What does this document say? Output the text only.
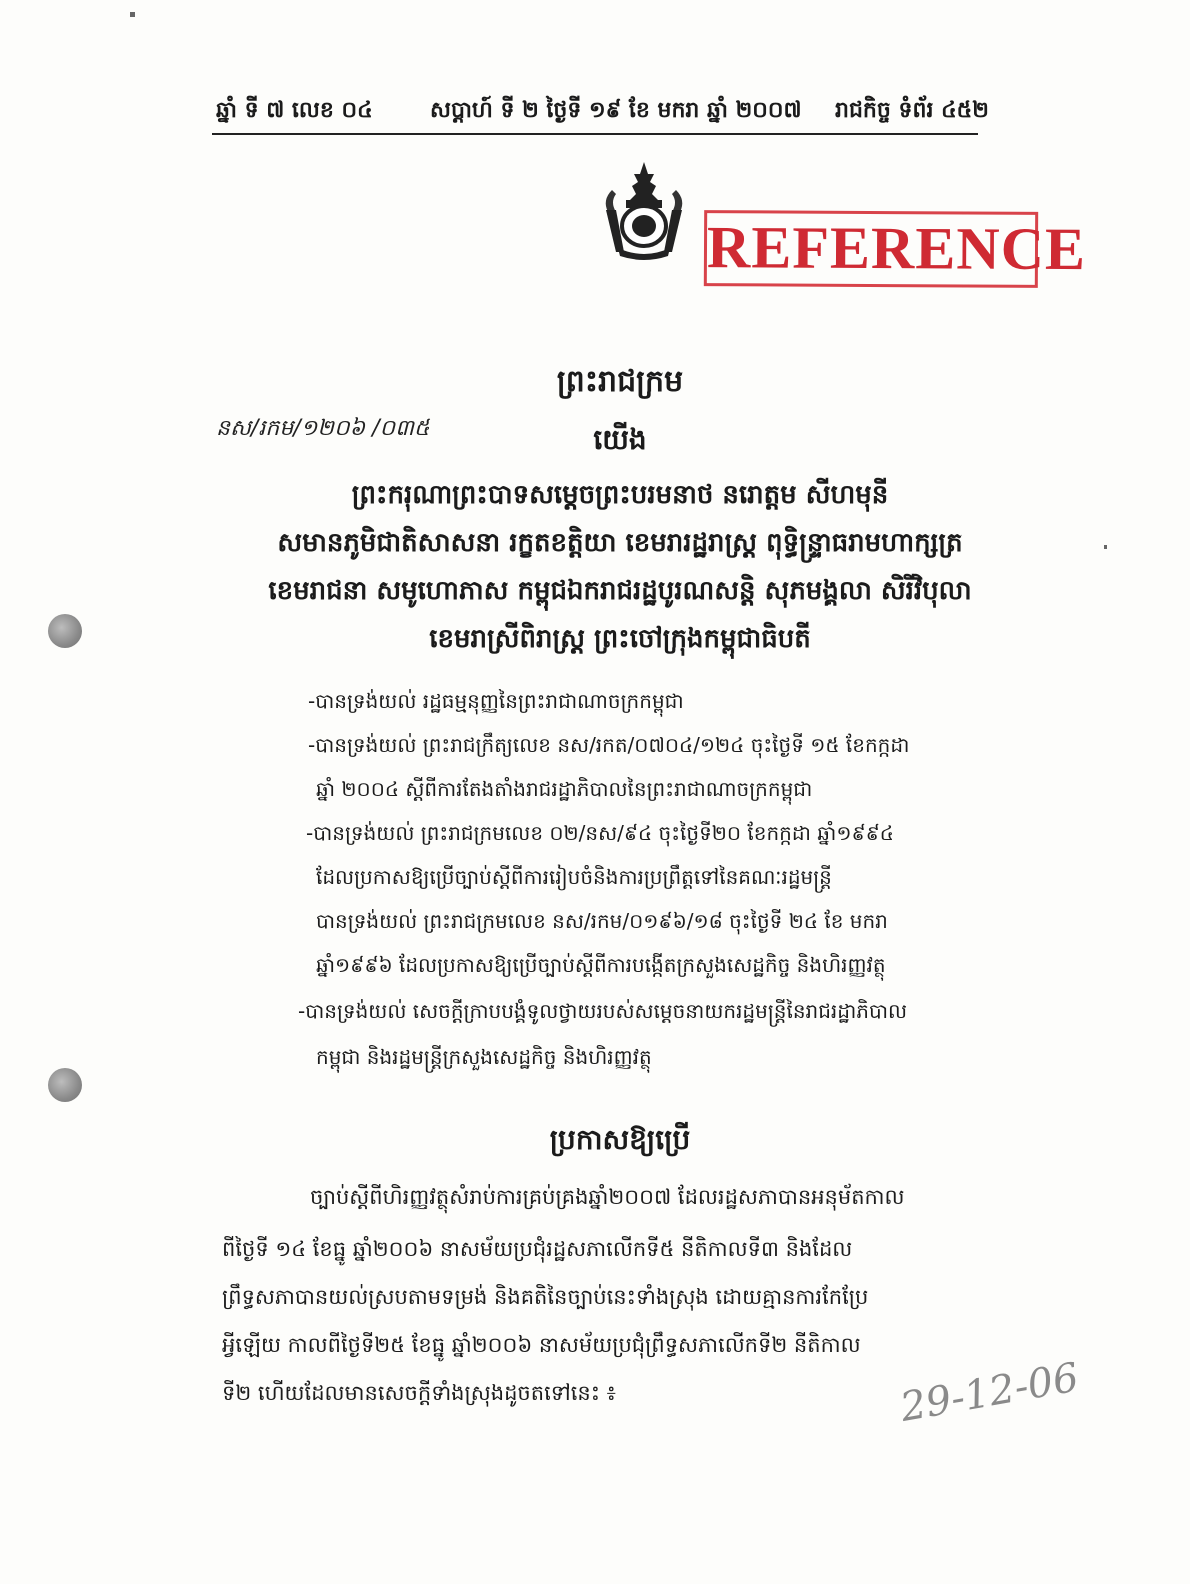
ឆ្នាំ ទី ៧ លេខ ០៤	សប្តាហ៍ ទី ២ ថ្ងៃទី ១៩ ខែ មករា ឆ្នាំ ២០០៧ រាជកិច្ច ទំព័រ ៤៥២
REFERENCE
ព្រះរាជក្រម
នស/រកម/១២០៦ /០៣៥	យើង
ព្រះករុណាព្រះបាទសម្តេចព្រះបរមនាថ នរោត្តម សីហមុនី
សមានភូមិជាតិសាសនា រក្ខតខត្តិយា ខេមរារដ្ឋរាស្ត្រ ពុទ្ធិន្ទ្រាធរាមហាក្សត្រ
ខេមរាជនា សមូហោភាស កម្ពុជឯករាជរដ្ឋបូរណសន្តិ សុភមង្គលា សិរីវិបុលា
ខេមរាស្រីពិរាស្ត្រ ព្រះចៅក្រុងកម្ពុជាធិបតី
-បានទ្រង់យល់ រដ្ឋធម្មនុញ្ញនៃព្រះរាជាណាចក្រកម្ពុជា
-បានទ្រង់យល់ ព្រះរាជក្រឹត្យលេខ នស/រកត/០៧០៤/១២៤ ចុះថ្ងៃទី ១៥ ខែកក្កដា
ឆ្នាំ ២០០៤ ស្តីពីការតែងតាំងរាជរដ្ឋាភិបាលនៃព្រះរាជាណាចក្រកម្ពុជា
-បានទ្រង់យល់ ព្រះរាជក្រមលេខ ០២/នស/៩៤ ចុះថ្ងៃទី២០ ខែកក្កដា ឆ្នាំ១៩៩៤
ដែលប្រកាសឱ្យប្រើច្បាប់ស្តីពីការរៀបចំនិងការប្រព្រឹត្តទៅនៃគណៈរដ្ឋមន្ត្រី
បានទ្រង់យល់ ព្រះរាជក្រមលេខ នស/រកម/០១៩៦/១៨ ចុះថ្ងៃទី ២៤ ខែ មករា
ឆ្នាំ១៩៩៦ ដែលប្រកាសឱ្យប្រើច្បាប់ស្តីពីការបង្កើតក្រសួងសេដ្ឋកិច្ច និងហិរញ្ញវត្ថុ
-បានទ្រង់យល់ សេចក្តីក្រាបបង្គំទូលថ្វាយរបស់សម្តេចនាយករដ្ឋមន្ត្រីនៃរាជរដ្ឋាភិបាល
កម្ពុជា និងរដ្ឋមន្ត្រីក្រសួងសេដ្ឋកិច្ច និងហិរញ្ញវត្ថុ
ប្រកាសឱ្យប្រើ
ច្បាប់ស្តីពីហិរញ្ញវត្ថុសំរាប់ការគ្រប់គ្រងឆ្នាំ២០០៧ ដែលរដ្ឋសភាបានអនុម័តកាល
ពីថ្ងៃទី ១៤ ខែធ្នូ ឆ្នាំ២០០៦ នាសម័យប្រជុំរដ្ឋសភាលើកទី៥ នីតិកាលទី៣ និងដែល
ព្រឹទ្ធសភាបានយល់ស្របតាមទម្រង់ និងគតិនៃច្បាប់នេះទាំងស្រុង ដោយគ្មានការកែប្រែ
អ្វីឡើយ កាលពីថ្ងៃទី២៥ ខែធ្នូ ឆ្នាំ២០០៦ នាសម័យប្រជុំព្រឹទ្ធសភាលើកទី២ នីតិកាល
ទី២ ហើយដែលមានសេចក្តីទាំងស្រុងដូចតទៅនេះ ៖	29-12-06
